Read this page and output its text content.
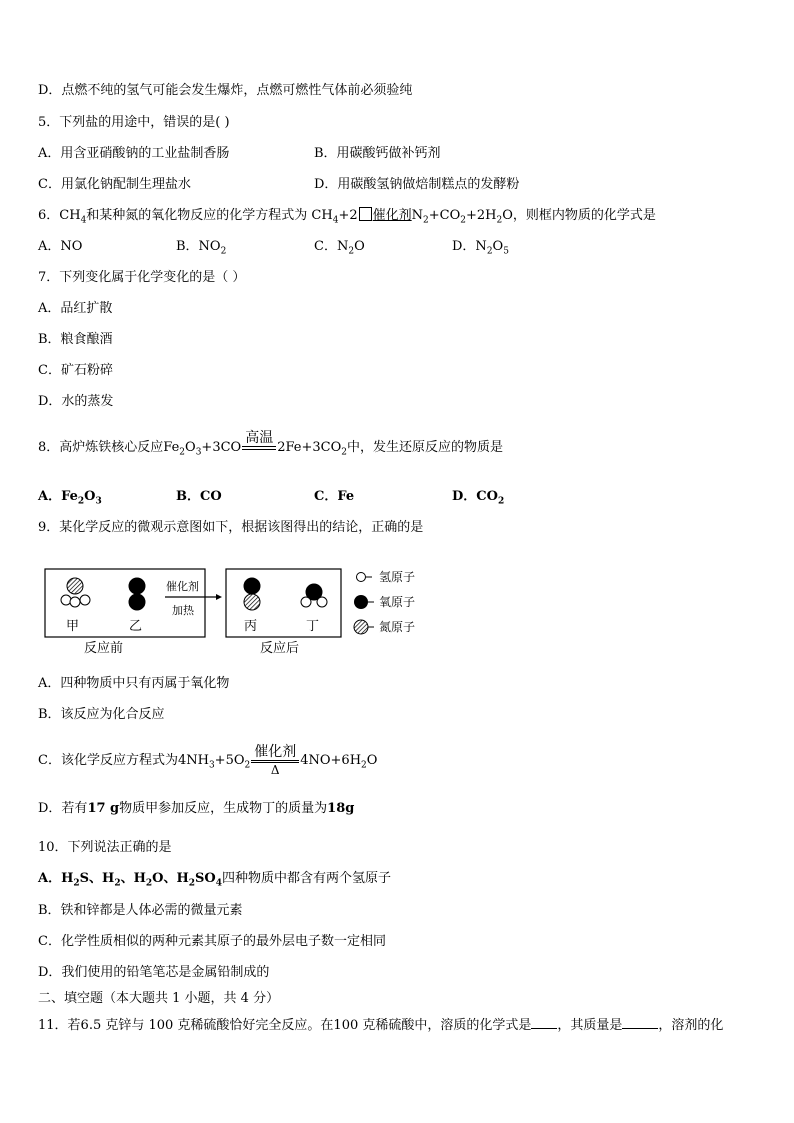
D．点燃不纯的氢气可能会发生爆炸，点燃可燃性气体前必须验纯
5．下列盐的用途中，错误的是( )
A．用含亚硝酸钠的工业盐制香肠	B．用碳酸钙做补钙剂
C．用氯化钠配制生理盐水	D．用碳酸氢钠做焙制糕点的发酵粉
6．$CH_4$和某种氮的氧化物反应的化学方程式为 $CH_4+2$ 催化剂$N_2+CO_2+2H_2O$，则框内物质的化学式是
A．NO	B．$NO_2$	C．$N_2O$	D．$N_2O_5$
7．下列变化属于化学变化的是（ ）
A．品红扩散
B．粮食酿酒
C．矿石粉碎
D．水的蒸发
8．高炉炼铁核心反应$Fe_2O_3+3CO$
高温

$2Fe+3CO_2$中，发生还原反应的物质是
A．$Fe_2O_3$	B．CO	C．Fe	D．$CO_2$
9．某化学反应的微观示意图如下，根据该图得出的结论，正确的是
甲	乙
催化剂
加热
丙	丁
反应前	反应后
氢原子
氧原子
氮原子
A．四种物质中只有丙属于氧化物
B．该反应为化合反应
C．该化学反应方程式为$4NH_3+5O_2$
催化剂
Δ
$4NO+6H_2O$
D．若有17 g物质甲参加反应，生成物丁的质量为18g
10．下列说法正确的是
A．$H_2S$、$H_2$、$H_2O$、$H_2SO_4$四种物质中都含有两个氢原子
B．铁和锌都是人体必需的微量元素
C．化学性质相似的两种元素其原子的最外层电子数一定相同
D．我们使用的铅笔笔芯是金属铅制成的
二、填空题（本大题共 1 小题，共 4 分）
11．若6.5 克锌与 100 克稀硫酸恰好完全反应。在100 克稀硫酸中，溶质的化学式是 ，其质量是	，溶剂的化
